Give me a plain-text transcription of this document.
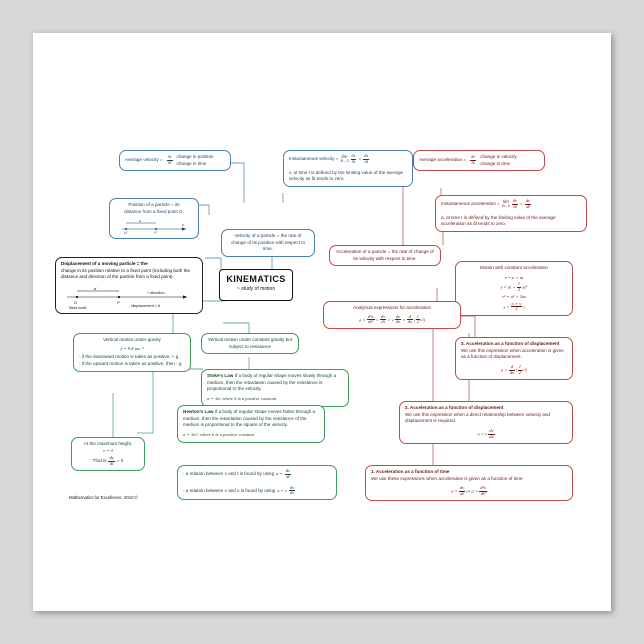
KINEMATICS
~ study of motion
Average velocity = $\frac{\delta s}{\delta t}$ change in position
change in time
Instantaneous velocity = lim
$\delta t\to 0 \frac{\delta s}{\delta t} = \frac{ds}{dt}$
v, at time t is defined by the limiting value of the average velocity as δt tends to zero.
Position of a particle = its
distance from a fixed point O.
O	P
x
s
Velocity of a particle = the rate of change of its position with respect to time.
Displacement of a moving particle = the
change in its position relative to a fixed point (including both the distance and direction of the particle from a fixed point).
O	P
d
+ direction
[fixed point]	- displacement = d
Average acceleration = $\frac{\delta v}{\delta t}$ change in velocity
change in time
Instantaneous acceleration = lim
$\delta t\to 0 \frac{\delta v}{\delta t} = \frac{dv}{dt}$
a, at time t is defined by the limiting value of the average acceleration as δt tends to zero.
Acceleration of a particle = the rate of change of its velocity with respect to time.
Motion with constant acceleration
v = u + at
s = ut + $\frac{1}{2} at^2$
v² = u² + 2as
$s = \frac{u + v}{2}$ t
Analytical expressions for acceleration
$a = \frac{\text{d²x}}{\text{dt²}} = \frac{dv}{dt} = v \frac{dv}{dx} = \frac{d}{dx}$ ( $\frac{1}{2} v^2$)
3. Acceleration as a function of displacement
We use this expression when acceleration is given as a function of displacement.
$a = \frac{d}{dx}$ ( $\frac{1}{2} v^2$)
2. Acceleration as a function of displacement
We use this expression when a direct relationship between velocity and displacement is required.
a = v $\frac{dv}{dx}$
1. Acceleration as a function of time
We use these expressions when acceleration is given as a function of time.
$a = \frac{dv}{dt}$ or $a = \frac{\text{d²x}}{\text{dt²}}$
Vertical motion under constant gravity but subject to resistance
Vertical motion under gravity
ÿ = 9.8 ms⁻²
- if the downward motion is taken as positive, + g
- if the upward motion is taken as positive, then - g
Stoke's Law If a body of regular shape moves slowly through a medium, then the retardation caused by the resistance is proportional to the velocity.
a = -kv, where k is a positive constant
Newton's Law If a body of regular shape moves faster through a medium, then the retardation caused by the resistance of the medium is proportional to the square of the velocity.
a = -kv², where k is a positive constant
- a relation between v and t is found by using $a = \frac{dv}{dt}$
- a relation between v and x is found by using a = v $\frac{dv}{dx}$
At the maximum height,
v = 0
That is $\frac{dy}{dt} = 0$
Mathematics for Excellence, 2010 ©
